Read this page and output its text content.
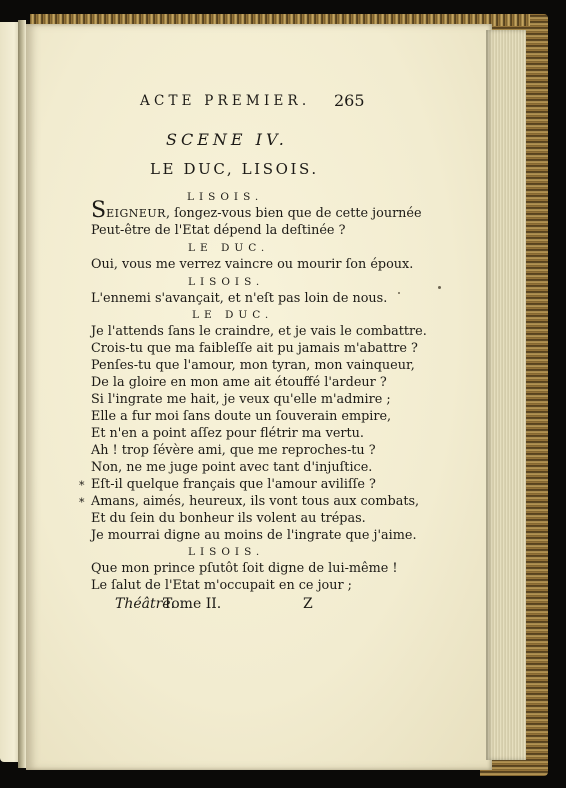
ACTE PREMIER. 265
SCENE IV.
LE DUC, LISOIS.
LISOIS.
SEIGNEUR, ſongez-vous bien que de cette journée
Peut-être de l'Etat dépend la deſtinée ?
LE DUC.
Oui, vous me verrez vaincre ou mourir ſon époux.
LISOIS.
L'ennemi s'avançait, et n'eſt pas loin de nous.
LE DUC.
Je l'attends ſans le craindre, et je vais le combattre.
Crois-tu que ma faibleſſe ait pu jamais m'abattre ?
Penſes-tu que l'amour, mon tyran, mon vainqueur,
De la gloire en mon ame ait étouffé l'ardeur ?
Si l'ingrate me hait, je veux qu'elle m'admire ;
Elle a fur moi ſans doute un ſouverain empire,
Et n'en a point aſſez pour flétrir ma vertu.
Ah ! trop ſévère ami, que me reproches-tu ?
Non, ne me juge point avec tant d'injuſtice.
* Eſt-il quelque français que l'amour aviliſſe ?
* Amans, aimés, heureux, ils vont tous aux combats,
Et du ſein du bonheur ils volent au trépas.
Je mourrai digne au moins de l'ingrate que j'aime.
LISOIS.
Que mon prince pſutôt ſoit digne de lui-même !
Le ſalut de l'Etat m'occupait en ce jour ;
Théâtre.
Tome II.	Z
